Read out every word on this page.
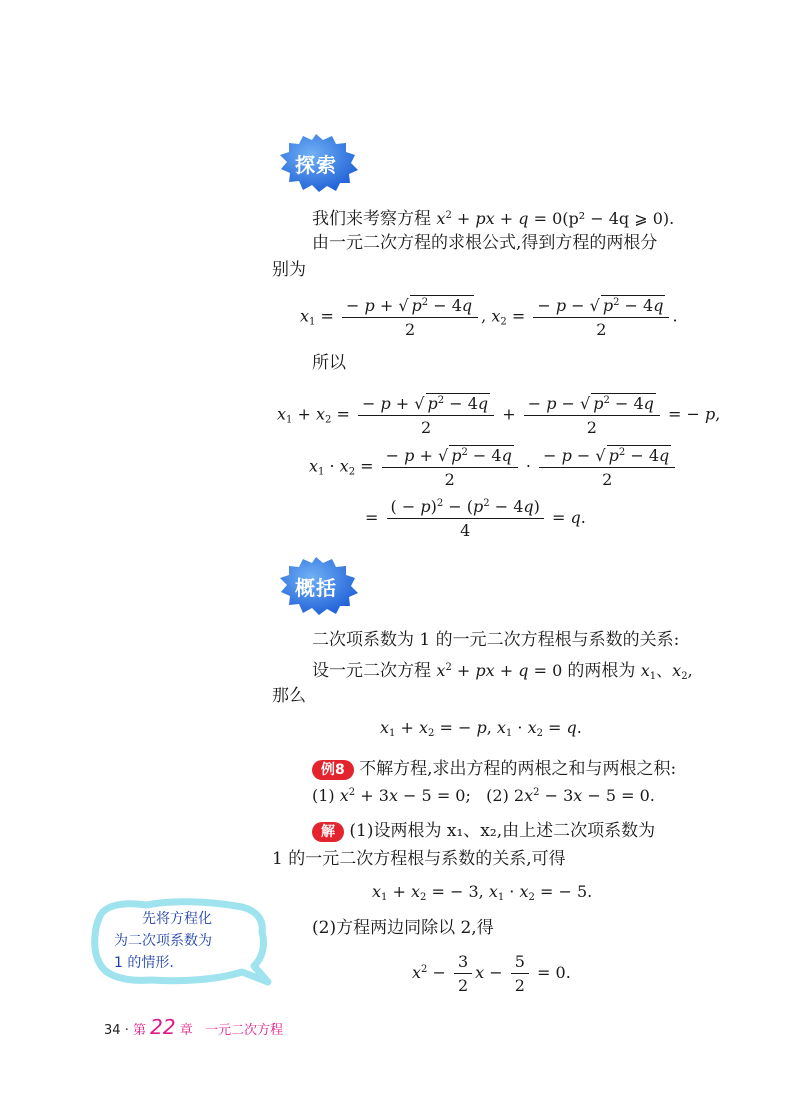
探索
我们来考察方程 $x^2$ + px + q = 0(p² − 4q ⩾ 0).
由一元二次方程的求根公式,得到方程的两根分
别为
$x_1 = \frac{- p + √ p^2 - 4q}{2}$ , $x_2 = \frac{- p - √ p^2 - 4q}{2}$ .
所以
$x_1 + x_2 = \frac{- p + √ p^2 - 4q}{2} + \frac{- p - √ p^2 - 4q}{2}$ = − p,
$x_1 \cdot x_2 = \frac{- p + √ p^2 - 4q}{2} \cdot \frac{- p - √ p^2 - 4q}{2}$
= $\frac{( - p)^2 - (p^2 - 4q)}{4} = q$.
概括
二次项系数为 1 的一元二次方程根与系数的关系:
设一元二次方程 $x^2$ + px + q = 0 的两根为 $x_1$、$x_2$,
那么
$x_1 + x_2$ = − p, $x_1 \cdot x_2 = q$.
例8 不解方程,求出方程的两根之和与两根之积:
(1) $x^2 + 3x - 5 = 0$;   (2) $2x^2 - 3x - 5 = 0$.
解 (1)设两根为 x₁、x₂,由上述二次项系数为
1 的一元二次方程根与系数的关系,可得
$x_1 + x_2$ = − 3, $x_1 \cdot x_2$ = − 5.
(2)方程两边同除以 2,得
$x^2 - \frac{3}{2}$ $x - \frac{5}{2} = 0$.
先将方程化
为二次项系数为
1 的情形.
34 · 第 22 章 一元二次方程
